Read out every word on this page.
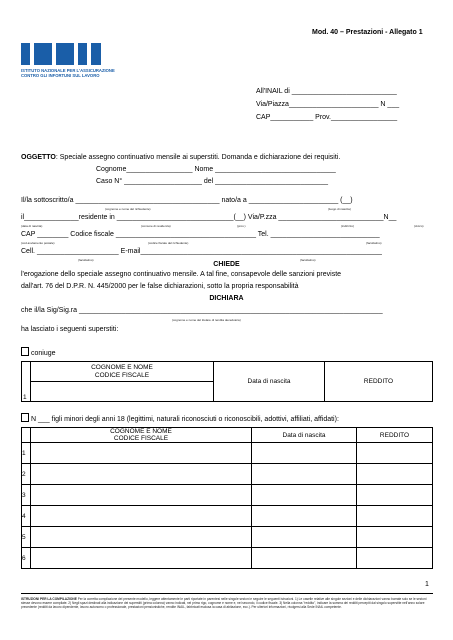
Mod. 40 – Prestazioni - Allegato 1
ISTITUTO NAZIONALE PER L'ASSICURAZIONE
CONTRO GLI INFORTUNI SUL LAVORO
All'INAIL di ___________________________
Via/Piazza_______________________ N ___
CAP___________ Prov._________________
OGGETTO: Speciale assegno continuativo mensile ai superstiti. Domanda e dichiarazione dei requisiti.
Cognome_________________ Nome _______________________________
Caso N° ____________________ del _____________________________
Il/la sottoscritto/a _____________________________________ nato/a a _______________________ (__)
(cognome e nome del richiedente)	(luogo di nascita)
il______________residente in ______________________________(__) Via/P.zza ___________________________N__
(data di nascita)	(comune di residenza)	(prov.)	(indirizzo)	(civico)
CAP ________ Codice fiscale ____________________________________ Tel. ____________________________
(cod.avviamento postale)	(codice fiscale del richiedente)	(facoltativo)
Cell. _____________________ E-mail______________________________________________________________
(facoltativo)	(facoltativo)
CHIEDE
l'erogazione dello speciale assegno continuativo mensile. A tal fine, consapevole delle sanzioni previste
dall'art. 76 del D.P.R. N. 445/2000 per le false dichiarazioni, sotto la propria responsabilità
DICHIARA
che il/la Sig/Sig.ra ______________________________________________________________________________
(cognome e nome del titolare di rendita deceduto/a)
ha lasciato i seguenti superstiti:
coniuge

	COGNOME E NOME
CODICE FISCALE	Data di nascita	REDDITO
1			
N ___ figli minori degli anni 18 (legittimi, naturali riconosciuti o riconoscibili, adottivi, affiliati, affidati):

	COGNOME E NOME
CODICE FISCALE	Data di nascita	REDDITO
1			
2			
3			
4			
5			
6			
1
ISTRUZIONI PER LA COMPILAZIONE Per la corretta compilazione del presente modello, leggere attentamente le parti riportate in parentesi nelle singole sezioni e seguire le seguenti istruzioni. 1) Le caselle relative alle singole sezioni e delle dichiarazioni vanno barrate solo se le sezioni stesse devono essere compilate. 2) Negli spazi destinati alla indicazione dei superstiti (prima colonna) vanno indicati, nel primo rigo, cognome e nome e, nel secondo, il codice fiscale. 3) Nella colonna "reddito", indicare la somma dei redditi percepiti dal singolo superstite nell'anno solare precedente (redditi da lavoro dipendente, lavoro autonomo o professionale, prestazioni pensionistiche, rendite INAIL, fabbricati esclusa la casa di abitazione, ecc.). Per ulteriori informazioni, rivolgersi alla Sede INAIL competente.
